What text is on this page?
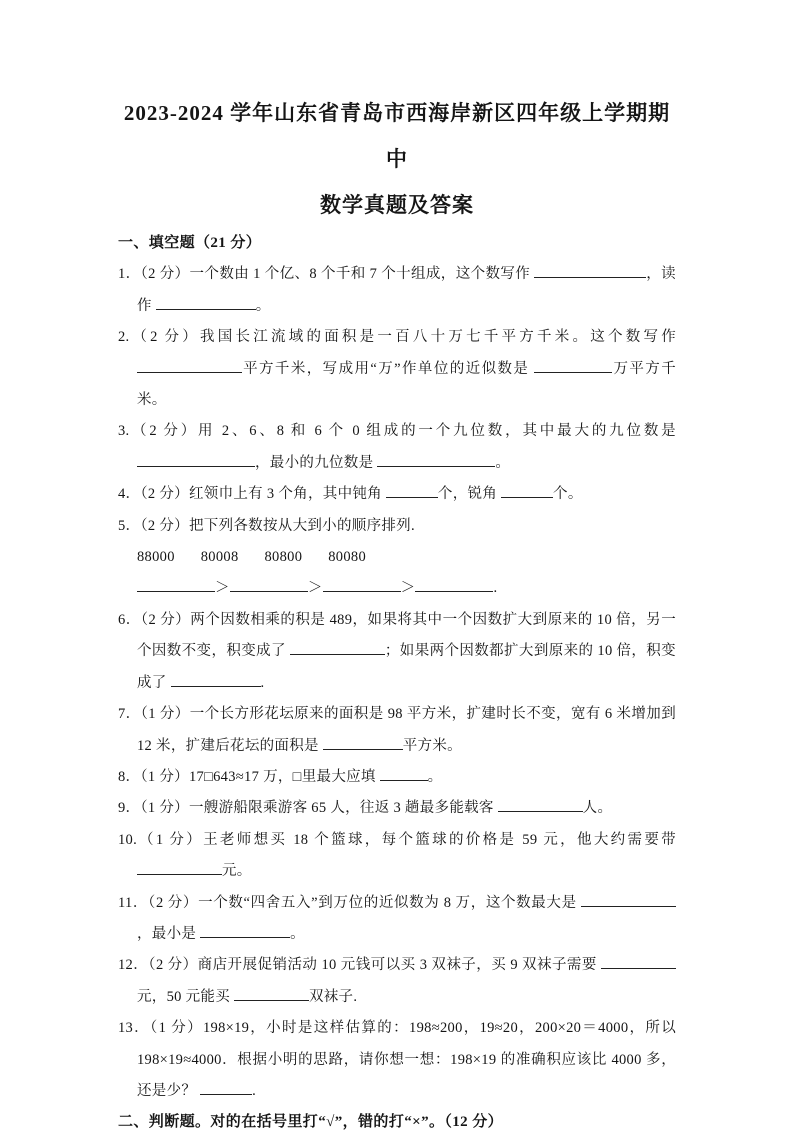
2023-2024 学年山东省青岛市西海岸新区四年级上学期期中
数学真题及答案
一、填空题（21 分）
1．（2 分）一个数由 1 个亿、8 个千和 7 个十组成，这个数写作	，读作	。
2.（2 分）我国长江流域的面积是一百八十万七千平方千米。这个数写作 平方千米，写成用“万”作单位的近似数是	万平方千米。
3.（2 分）用 2、6、8 和 6 个 0 组成的一个九位数，其中最大的九位数是 ，最小的九位数是	。
4．（2 分）红领巾上有 3 个角，其中钝角	个，锐角	个。
5．（2 分）把下列各数按从大到小的顺序排列.
88000 80008 80800 80080
＞	＞	＞	.
6．（2 分）两个因数相乘的积是 489，如果将其中一个因数扩大到原来的 10 倍，另一个因数不变，积变成了	；如果两个因数都扩大到原来的 10 倍，积变成了	.
7．（1 分）一个长方形花坛原来的面积是 98 平方米，扩建时长不变，宽有 6 米增加到 12 米，扩建后花坛的面积是	平方米。
8．（1 分）17□643≈17 万，□里最大应填	。
9．（1 分）一艘游船限乘游客 65 人，往返 3 趟最多能载客	人。
10.（1 分）王老师想买 18 个篮球，每个篮球的价格是 59 元，他大约需要带 元。
11．（2 分）一个数“四舍五入”到万位的近似数为 8 万，这个数最大是 ，最小是	。
12．（2 分）商店开展促销活动 10 元钱可以买 3 双袜子，买 9 双袜子需要 元，50 元能买	双袜子.
13．（1 分）198×19，小时是这样估算的：198≈200，19≈20，200×20＝4000，所以 198×19≈4000．根据小明的思路，请你想一想：198×19 的准确积应该比 4000 多，还是少？	.
二、判断题。对的在括号里打“√”，错的打“×”。（12 分）
